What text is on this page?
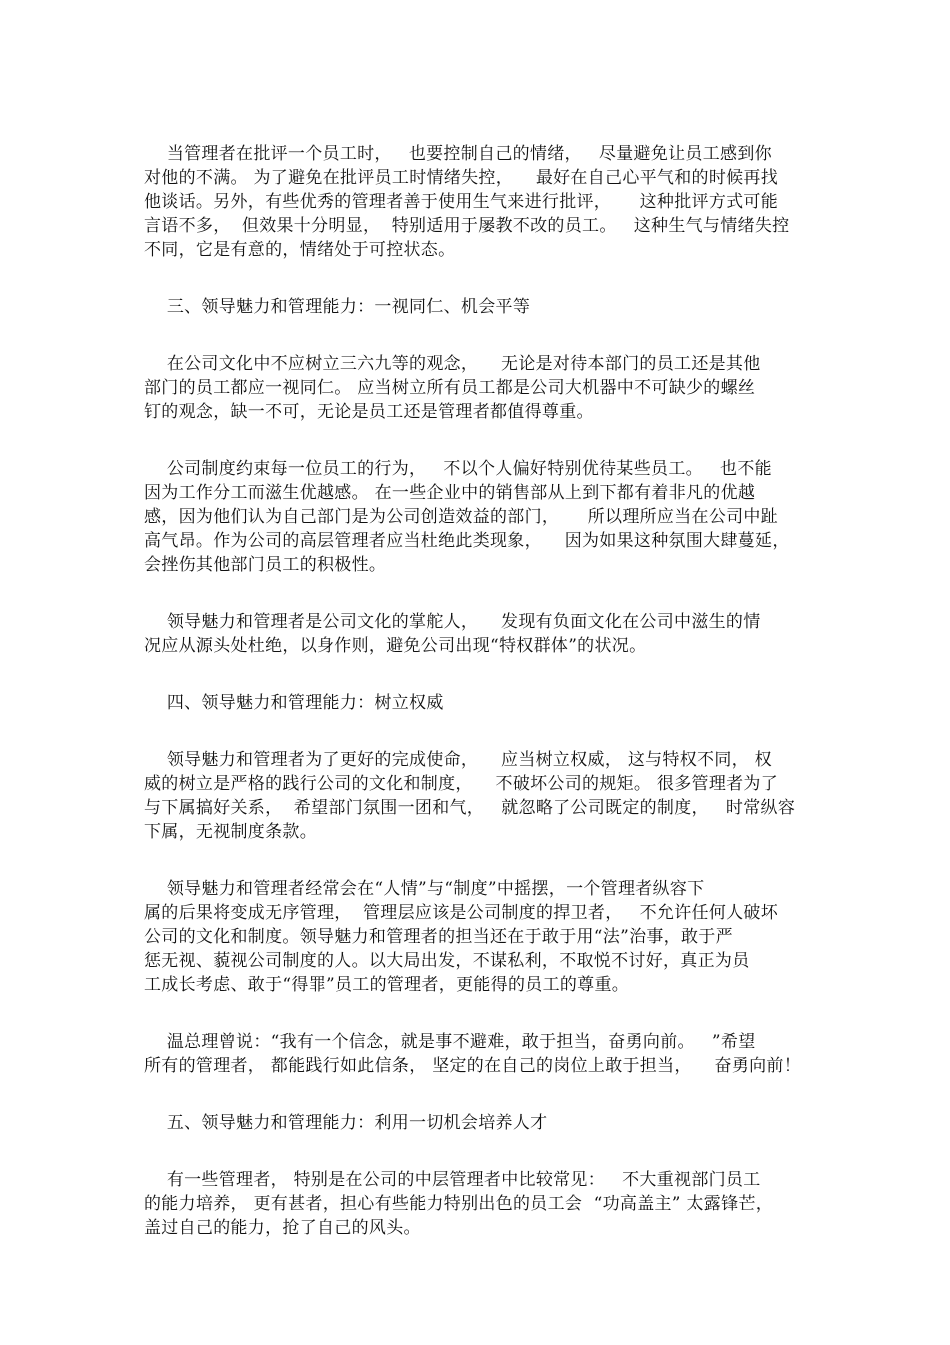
当管理者在批评一个员工时，   也要控制自己的情绪，   尽量避免让员工感到你
对他的不满。 为了避免在批评员工时情绪失控，    最好在自己心平气和的时候再找
他谈话。另外，有些优秀的管理者善于使用生气来进行批评，     这种批评方式可能
言语不多，  但效果十分明显，  特别适用于屡教不改的员工。   这种生气与情绪失控
不同，它是有意的，情绪处于可控状态。

三、领导魅力和管理能力：一视同仁、机会平等

在公司文化中不应树立三六九等的观念，    无论是对待本部门的员工还是其他
部门的员工都应一视同仁。 应当树立所有员工都是公司大机器中不可缺少的螺丝
钉的观念，缺一不可，无论是员工还是管理者都值得尊重。

公司制度约束每一位员工的行为，   不以个人偏好特别优待某些员工。   也不能
因为工作分工而滋生优越感。 在一些企业中的销售部从上到下都有着非凡的优越
感，因为他们认为自己部门是为公司创造效益的部门，     所以理所应当在公司中趾
高气昂。作为公司的高层管理者应当杜绝此类现象，    因为如果这种氛围大肆蔓延，
会挫伤其他部门员工的积极性。

领导魅力和管理者是公司文化的掌舵人，    发现有负面文化在公司中滋生的情
况应从源头处杜绝，以身作则，避免公司出现“特权群体”的状况。

四、领导魅力和管理能力：树立权威

领导魅力和管理者为了更好的完成使命，    应当树立权威， 这与特权不同， 权
威的树立是严格的践行公司的文化和制度，    不破坏公司的规矩。 很多管理者为了
与下属搞好关系，  希望部门氛围一团和气，   就忽略了公司既定的制度，   时常纵容
下属，无视制度条款。

领导魅力和管理者经常会在“人情”与“制度”中摇摆，一个管理者纵容下
属的后果将变成无序管理，  管理层应该是公司制度的捍卫者，   不允许任何人破坏
公司的文化和制度。领导魅力和管理者的担当还在于敢于用“法”治事，敢于严
惩无视、藐视公司制度的人。以大局出发，不谋私利，不取悦不讨好，真正为员
工成长考虑、敢于“得罪”员工的管理者，更能得的员工的尊重。

温总理曾说：“我有一个信念，就是事不避难，敢于担当，奋勇向前。   ”希望
所有的管理者， 都能践行如此信条， 坚定的在自己的岗位上敢于担当，    奋勇向前！

五、领导魅力和管理能力：利用一切机会培养人才

有一些管理者， 特别是在公司的中层管理者中比较常见：   不大重视部门员工
的能力培养， 更有甚者，担心有些能力特别出色的员工会  “功高盖主” 太露锋芒，
盖过自己的能力，抢了自己的风头。
